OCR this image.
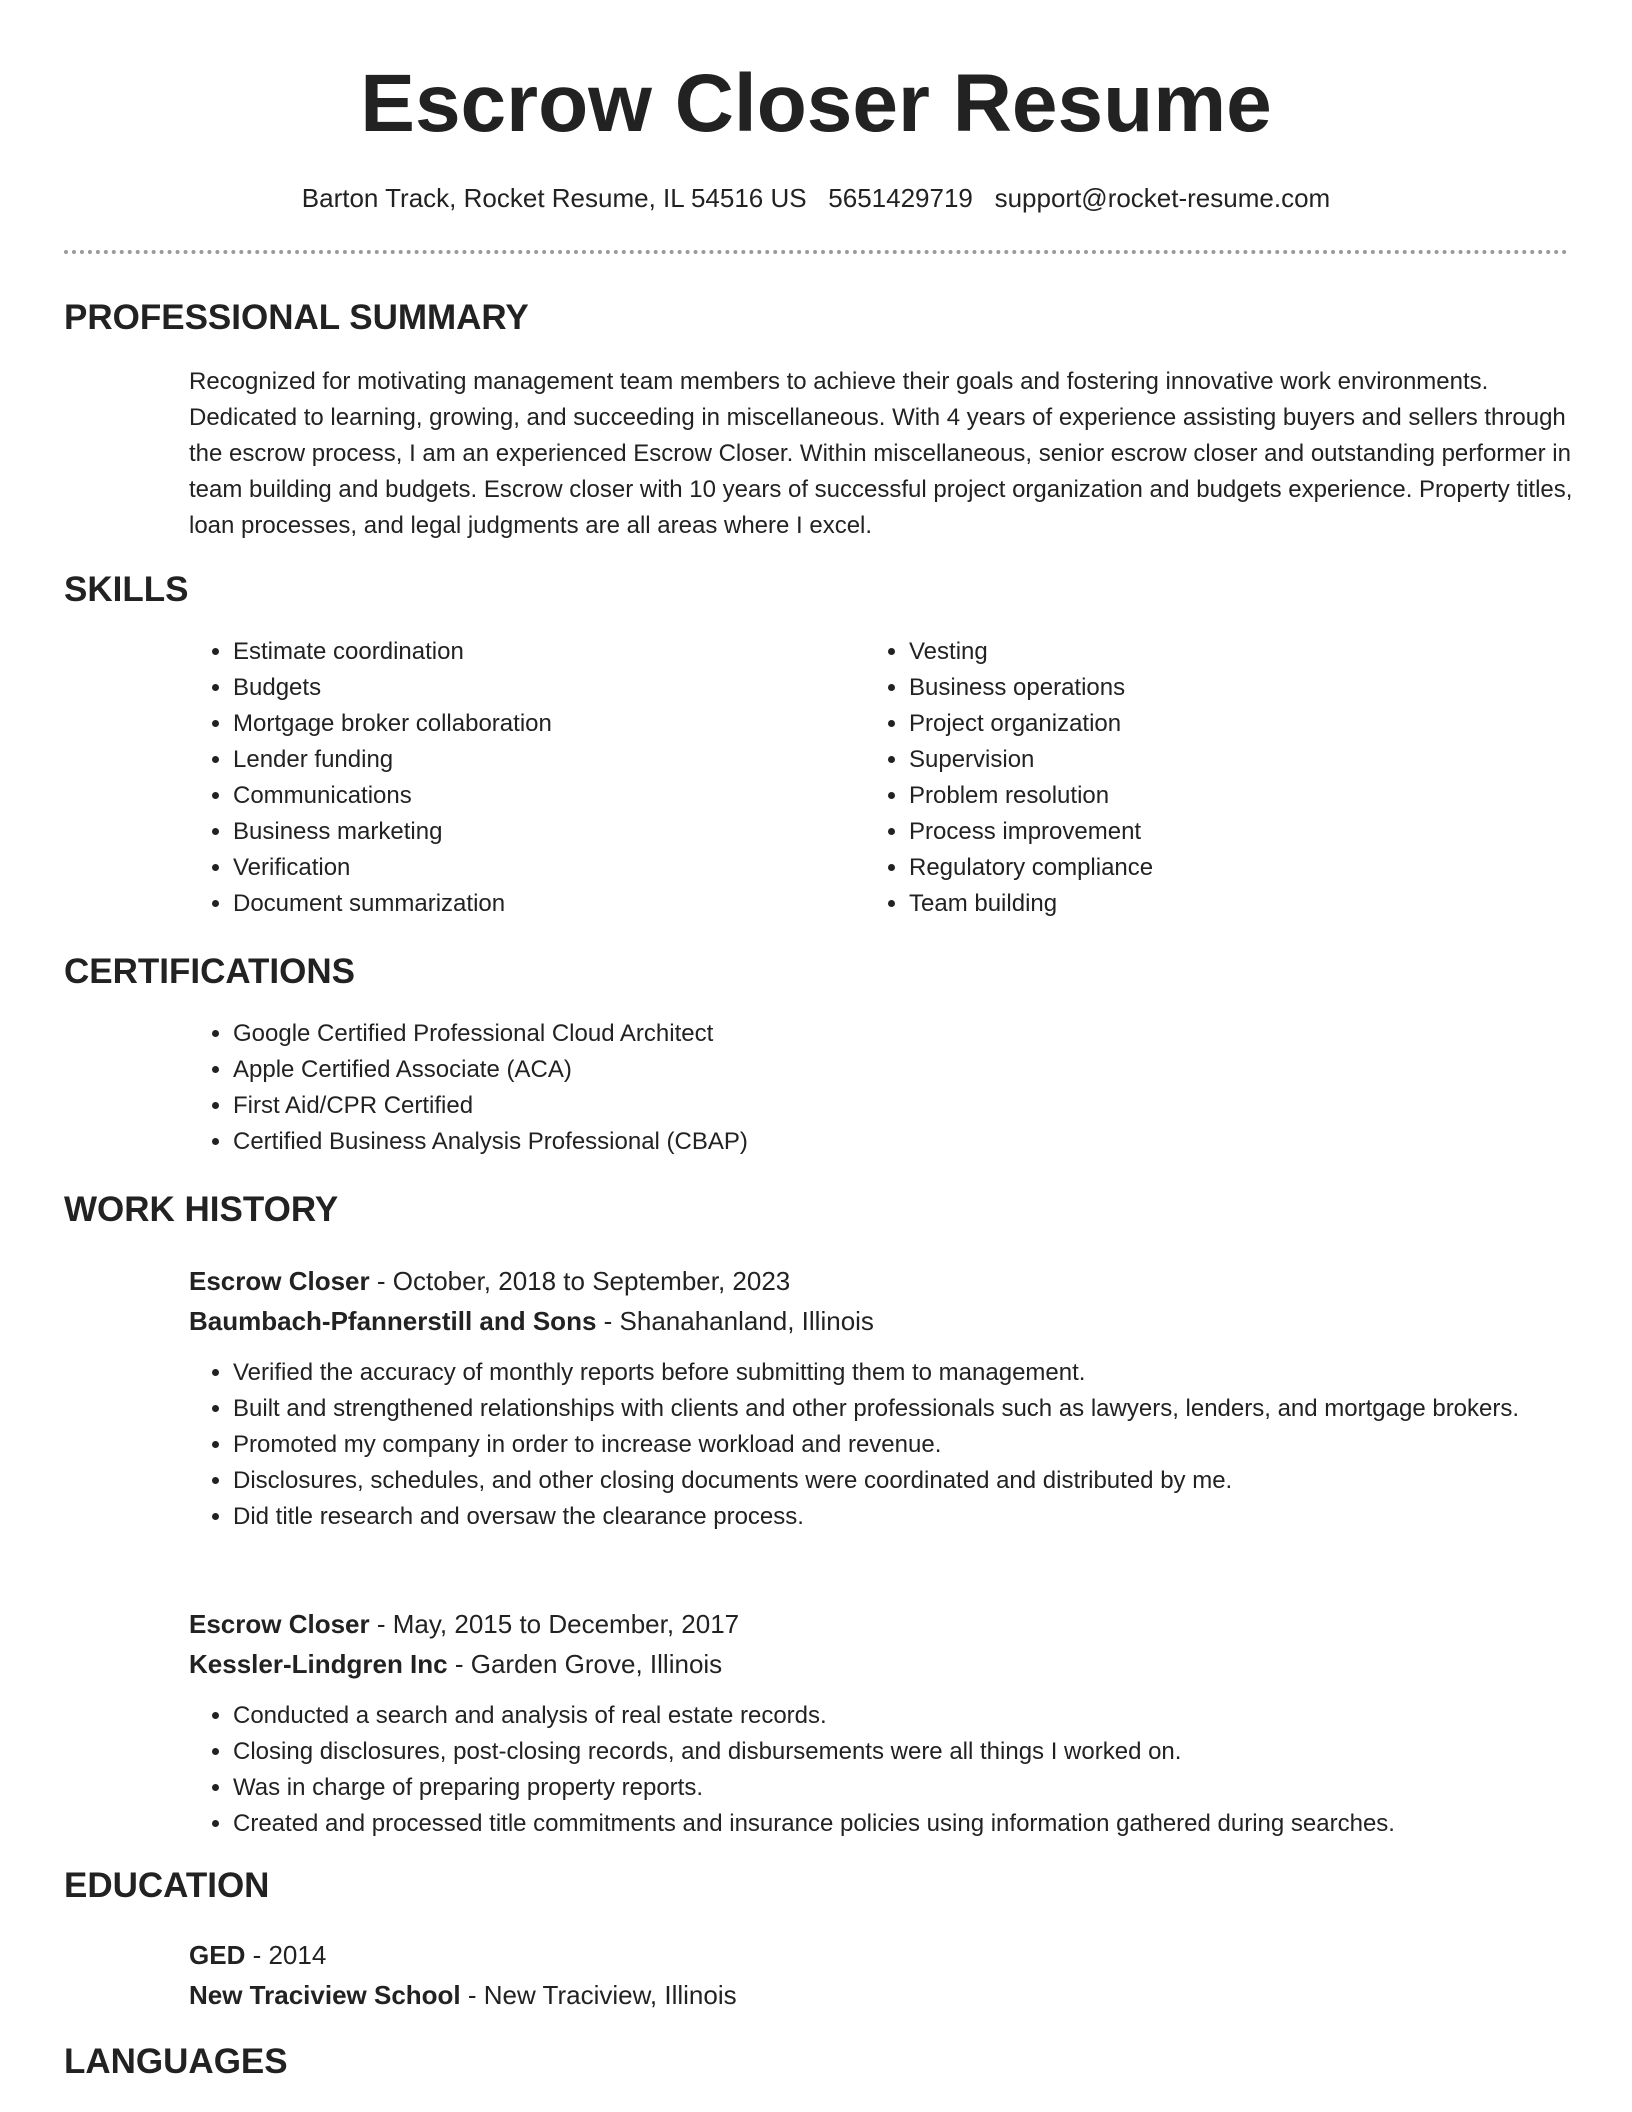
Escrow Closer Resume
Barton Track, Rocket Resume, IL 54516 US 5651429719 support@rocket-resume.com
PROFESSIONAL SUMMARY

Recognized for motivating management team members to achieve their goals and fostering innovative work environments. Dedicated to learning, growing, and succeeding in miscellaneous. With 4 years of experience assisting buyers and sellers through the escrow process, I am an experienced Escrow Closer. Within miscellaneous, senior escrow closer and outstanding performer in team building and budgets. Escrow closer with 10 years of successful project organization and budgets experience. Property titles, loan processes, and legal judgments are all areas where I excel.

SKILLS
• Estimate coordination
• Budgets
• Mortgage broker collaboration
• Lender funding
• Communications
• Business marketing
• Verification
• Document summarization
• Vesting
• Business operations
• Project organization
• Supervision
• Problem resolution
• Process improvement
• Regulatory compliance
• Team building
CERTIFICATIONS
• Google Certified Professional Cloud Architect
• Apple Certified Associate (ACA)
• First Aid/CPR Certified
• Certified Business Analysis Professional (CBAP)
WORK HISTORY
Escrow Closer - October, 2018 to September, 2023
Baumbach-Pfannerstill and Sons - Shanahanland, Illinois
• Verified the accuracy of monthly reports before submitting them to management.
• Built and strengthened relationships with clients and other professionals such as lawyers, lenders, and mortgage brokers.
• Promoted my company in order to increase workload and revenue.
• Disclosures, schedules, and other closing documents were coordinated and distributed by me.
• Did title research and oversaw the clearance process.
Escrow Closer - May, 2015 to December, 2017
Kessler-Lindgren Inc - Garden Grove, Illinois
• Conducted a search and analysis of real estate records.
• Closing disclosures, post-closing records, and disbursements were all things I worked on.
• Was in charge of preparing property reports.
• Created and processed title commitments and insurance policies using information gathered during searches.
EDUCATION
GED - 2014
New Traciview School - New Traciview, Illinois
LANGUAGES
